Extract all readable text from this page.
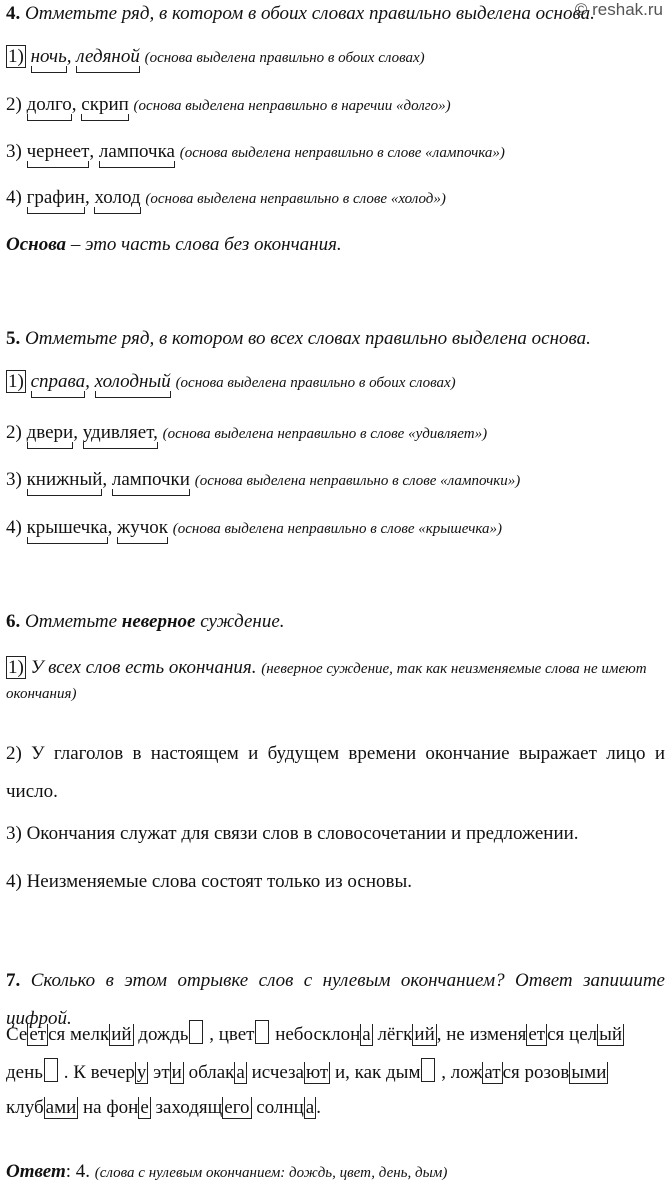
© reshak.ru
4. Отметьте ряд, в котором в обоих словах правильно выделена основа.
1) ночь, ледяной (основа выделена правильно в обоих словах)
2) долго, скрип (основа выделена неправильно в наречии «долго»)
3) чернеет, лампочка (основа выделена неправильно в слове «лампочка»)
4) графин, холод (основа выделена неправильно в слове «холод»)
Основа – это часть слова без окончания.
5. Отметьте ряд, в котором во всех словах правильно выделена основа.
1) справа, холодный (основа выделена правильно в обоих словах)
2) двери, удивляет, (основа выделена неправильно в слове «удивляет»)
3) книжный, лампочки (основа выделена неправильно в слове «лампочки»)
4) крышечка, жучок (основа выделена неправильно в слове «крышечка»)
6. Отметьте неверное суждение.
1) У всех слов есть окончания. (неверное суждение, так как неизменяемые слова не имеют окончания)
2) У глаголов в настоящем и будущем времени окончание выражает лицо и число.
3) Окончания служат для связи слов в словосочетании и предложении.
4) Неизменяемые слова состоят только из основы.
7. Сколько в этом отрывке слов с нулевым окончанием? Ответ запишите цифрой.
Се ет ся мелк ий дождь , цвет небосклон а лёгк ий , не изменя ет ся цел ый
день . К вечер у эт и облак а исчеза ют и, как дым , лож ат ся розов ыми
клуб ами на фон е заходящ его солнц а .
Ответ: 4. (слова с нулевым окончанием: дождь, цвет, день, дым)
